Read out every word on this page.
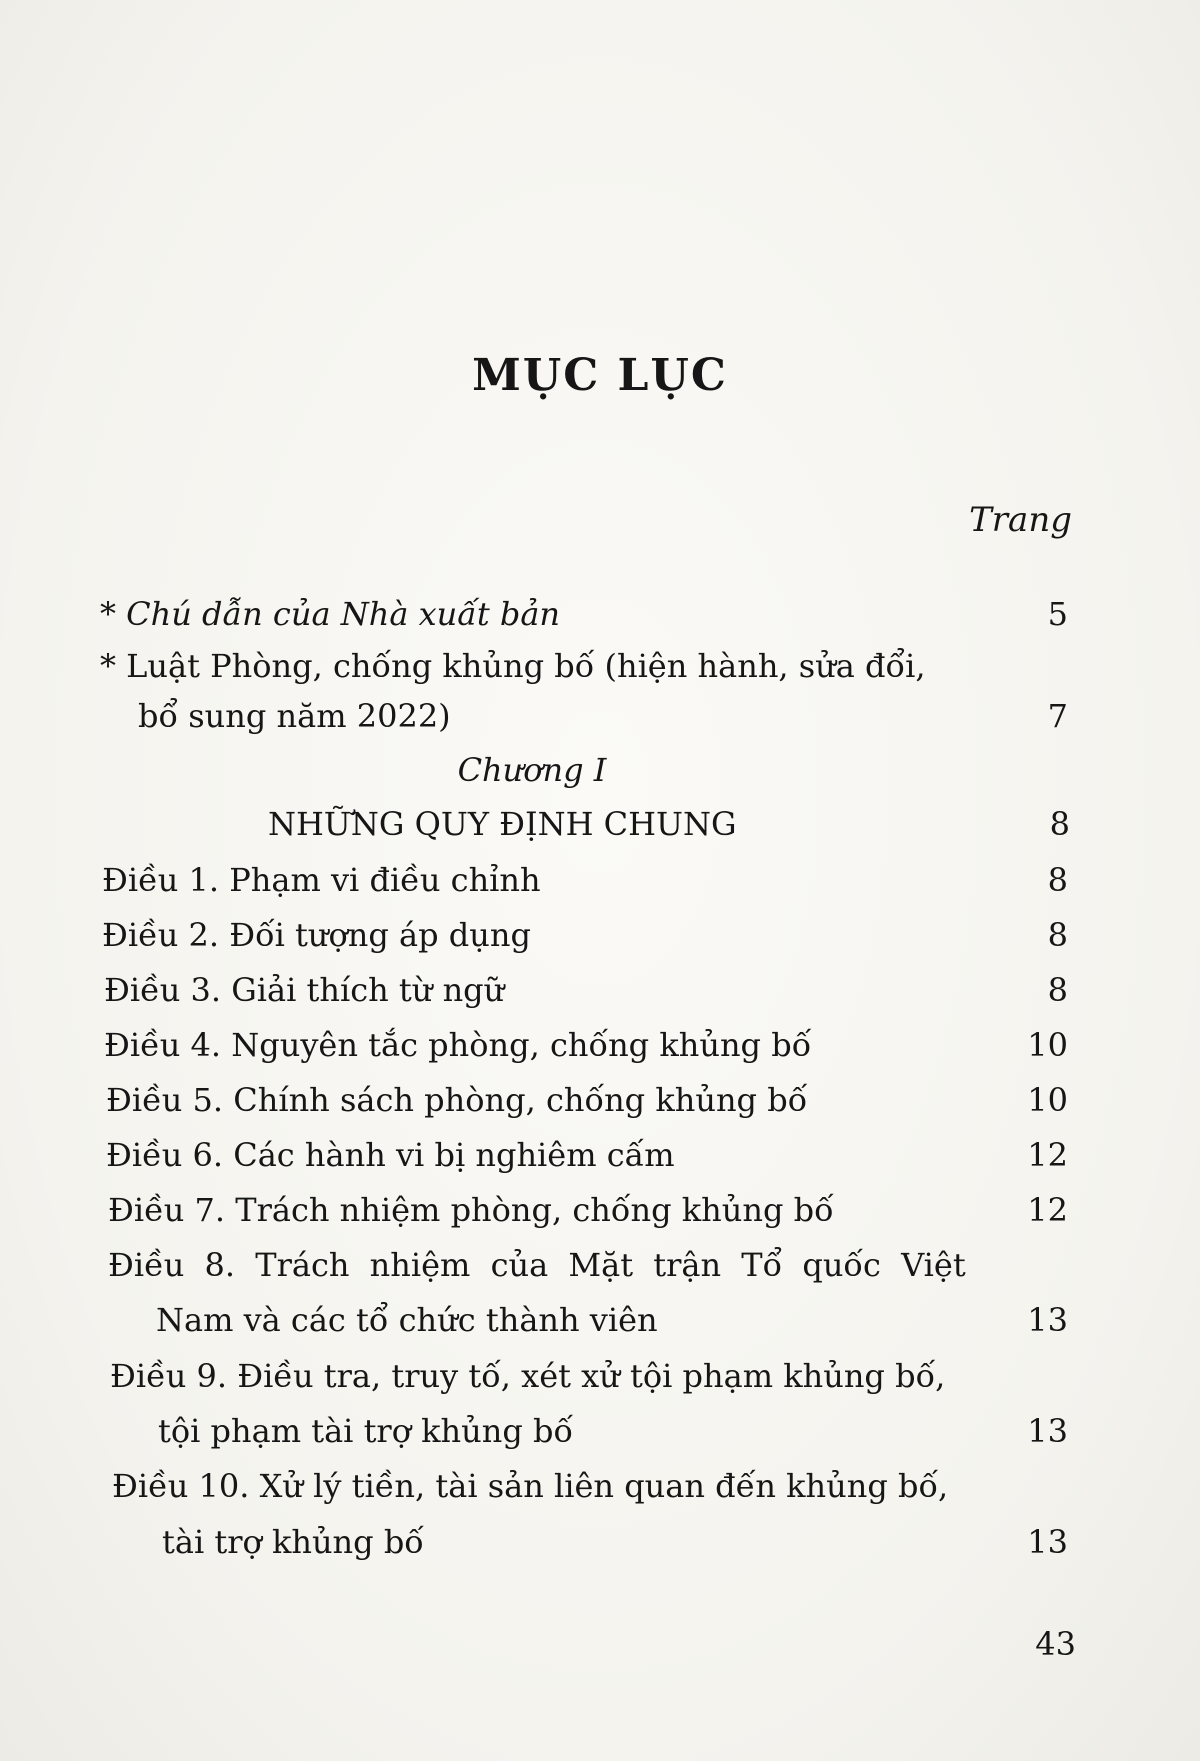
MỤC LỤC
Trang
* Chú dẫn của Nhà xuất bản	5
* Luật Phòng, chống khủng bố (hiện hành, sửa đổi,
bổ sung năm 2022)	7
Chương I
NHỮNG QUY ĐỊNH CHUNG	8
Điều 1. Phạm vi điều chỉnh	8
Điều 2. Đối tượng áp dụng	8
Điều 3. Giải thích từ ngữ	8
Điều 4. Nguyên tắc phòng, chống khủng bố	10
Điều 5. Chính sách phòng, chống khủng bố	10
Điều 6. Các hành vi bị nghiêm cấm	12
Điều 7. Trách nhiệm phòng, chống khủng bố	12
Điều 8. Trách nhiệm của Mặt trận Tổ quốc Việt
Nam và các tổ chức thành viên	13
Điều 9. Điều tra, truy tố, xét xử tội phạm khủng bố,
tội phạm tài trợ khủng bố	13
Điều 10. Xử lý tiền, tài sản liên quan đến khủng bố,
tài trợ khủng bố	13
43
